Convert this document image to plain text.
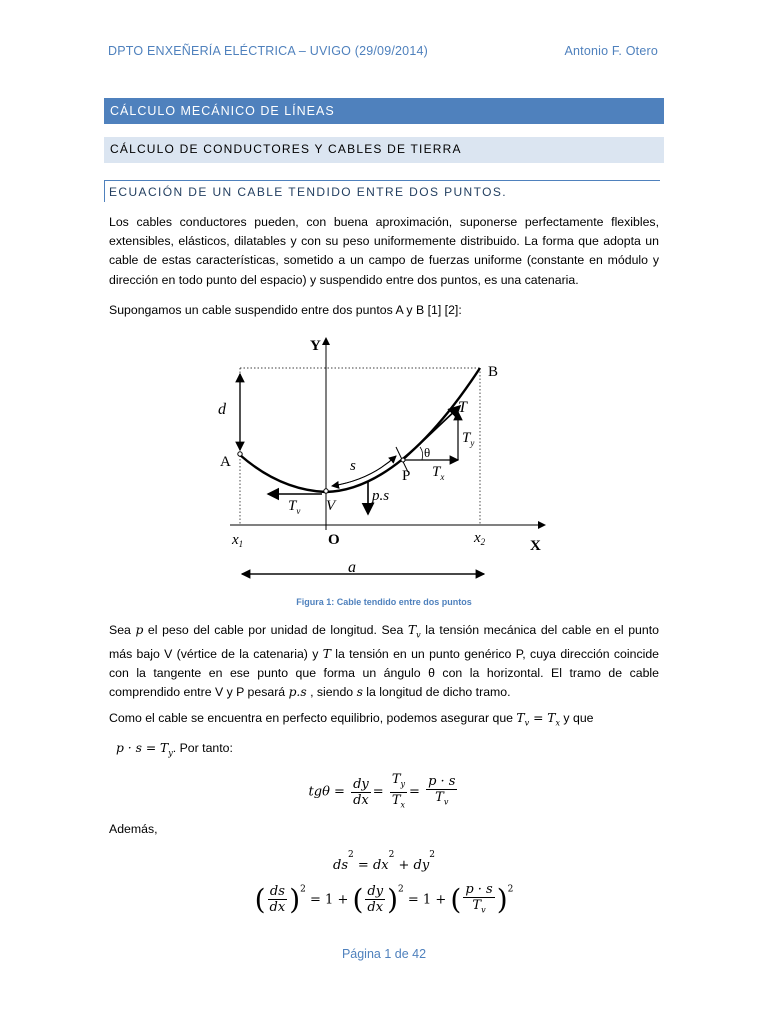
DPTO ENXEÑERÍA ELÉCTRICA – UVIGO (29/09/2014)	Antonio F. Otero
CÁLCULO MECÁNICO DE LÍNEAS
CÁLCULO DE CONDUCTORES Y CABLES DE TIERRA
ECUACIÓN DE UN CABLE TENDIDO ENTRE DOS PUNTOS.
Los cables conductores pueden, con buena aproximación, suponerse perfectamente flexibles, extensibles, elásticos, dilatables y con su peso uniformemente distribuido. La forma que adopta un cable de estas características, sometido a un campo de fuerzas uniforme (constante en módulo y dirección en todo punto del espacio) y suspendido entre dos puntos, es una catenaria.
Supongamos un cable suspendido entre dos puntos A y B [1] [2]:
Y
X
O
A
B
V
P
d
a
s
p.s
T
$T_y$
$T_x$
$T_v$
θ
$x_1$	$x_2$
Figura 1: Cable tendido entre dos puntos
Sea p el peso del cable por unidad de longitud. Sea $T_v$ la tensión mecánica del cable en el punto más bajo V (vértice de la catenaria) y T la tensión en un punto genérico P, cuya dirección coincide con la tangente en ese punto que forma un ángulo θ con la horizontal. El tramo de cable comprendido entre V y P pesará p.s , siendo s la longitud de dicho tramo.
Como el cable se encuentra en perfecto equilibrio, podemos asegurar que $T_v = T_x$ y que
$p \cdot s = T_y$. Por tanto:
$tg\theta = \frac{dy}{dx} = \frac{T_y}{T_x} = \frac{p \cdot s}{T_v}$
Además,
$ds^2 = dx^2 + dy^2$
( $\frac{ds}{dx} )^2 = 1$ + ( $\frac{dy}{dx} )^2 = 1$ + ( $\frac{p \cdot s}{T_v} )^2$
Página 1 de 42
